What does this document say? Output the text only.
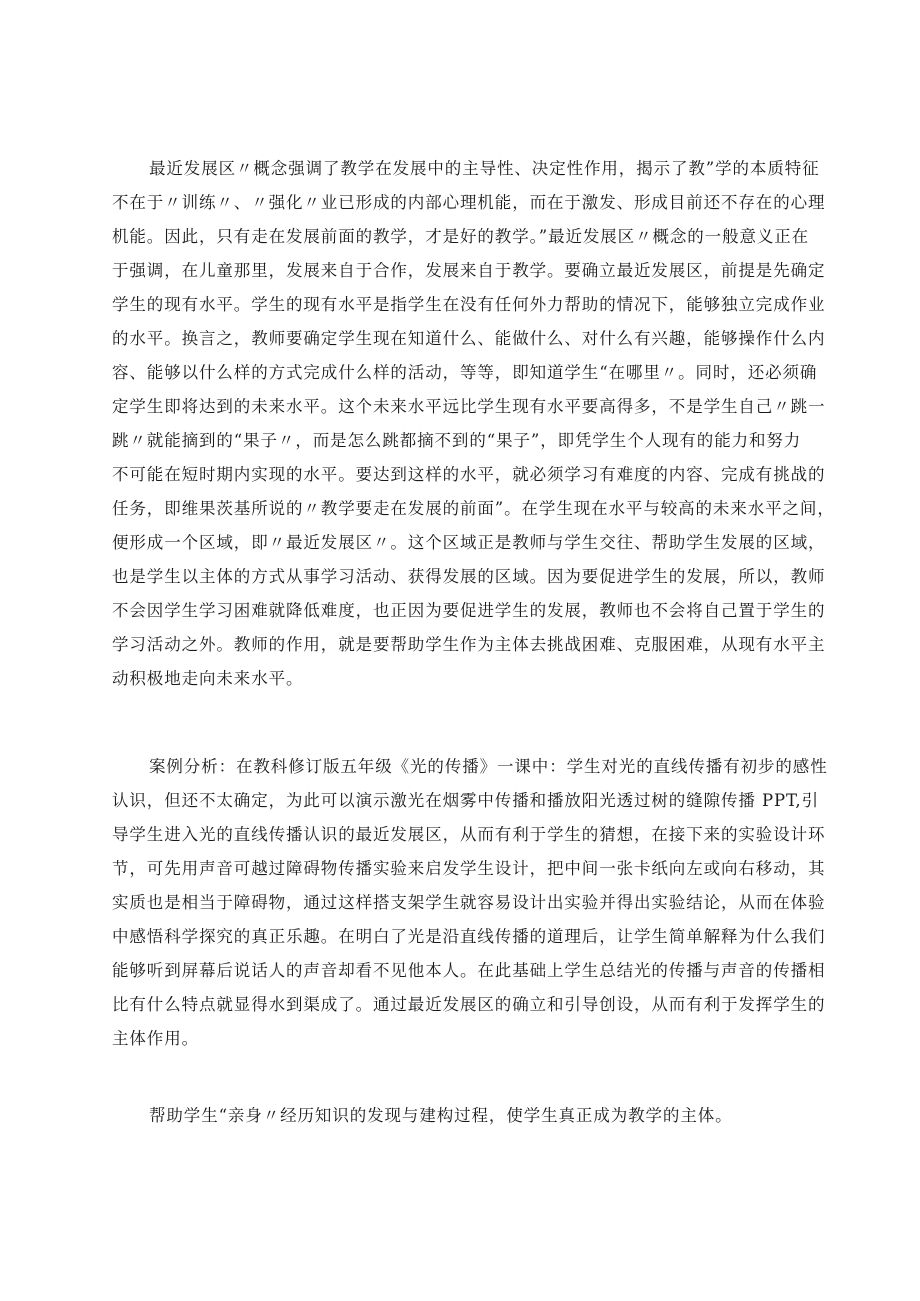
最近发展区〃概念强调了教学在发展中的主导性、决定性作用，揭示了教”学的本质特征
不在于〃训练〃、〃强化〃业已形成的内部心理机能，而在于激发、形成目前还不存在的心理
机能。因此，只有走在发展前面的教学，才是好的教学。”最近发展区〃概念的一般意义正在
于强调，在儿童那里，发展来自于合作，发展来自于教学。要确立最近发展区，前提是先确定
学生的现有水平。学生的现有水平是指学生在没有任何外力帮助的情况下，能够独立完成作业
的水平。换言之，教师要确定学生现在知道什么、能做什么、对什么有兴趣，能够操作什么内
容、能够以什么样的方式完成什么样的活动，等等，即知道学生“在哪里〃。同时，还必须确
定学生即将达到的未来水平。这个未来水平远比学生现有水平要高得多，不是学生自己〃跳一
跳〃就能摘到的“果子〃，而是怎么跳都摘不到的“果子”，即凭学生个人现有的能力和努力
不可能在短时期内实现的水平。要达到这样的水平，就必须学习有难度的内容、完成有挑战的
任务，即维果茨基所说的〃教学要走在发展的前面”。在学生现在水平与较高的未来水平之间，
便形成一个区域，即〃最近发展区〃。这个区域正是教师与学生交往、帮助学生发展的区域，
也是学生以主体的方式从事学习活动、获得发展的区域。因为要促进学生的发展，所以，教师
不会因学生学习困难就降低难度，也正因为要促进学生的发展，教师也不会将自己置于学生的
学习活动之外。教师的作用，就是要帮助学生作为主体去挑战困难、克服困难，从现有水平主
动积极地走向未来水平。
案例分析：在教科修订版五年级《光的传播》一课中：学生对光的直线传播有初步的感性
认识，但还不太确定，为此可以演示激光在烟雾中传播和播放阳光透过树的缝隙传播 PPT,引
导学生进入光的直线传播认识的最近发展区，从而有利于学生的猜想，在接下来的实验设计环
节，可先用声音可越过障碍物传播实验来启发学生设计，把中间一张卡纸向左或向右移动，其
实质也是相当于障碍物，通过这样搭支架学生就容易设计出实验并得出实验结论，从而在体验
中感悟科学探究的真正乐趣。在明白了光是沿直线传播的道理后，让学生简单解释为什么我们
能够听到屏幕后说话人的声音却看不见他本人。在此基础上学生总结光的传播与声音的传播相
比有什么特点就显得水到渠成了。通过最近发展区的确立和引导创设，从而有利于发挥学生的
主体作用。
帮助学生“亲身〃经历知识的发现与建构过程，使学生真正成为教学的主体。
